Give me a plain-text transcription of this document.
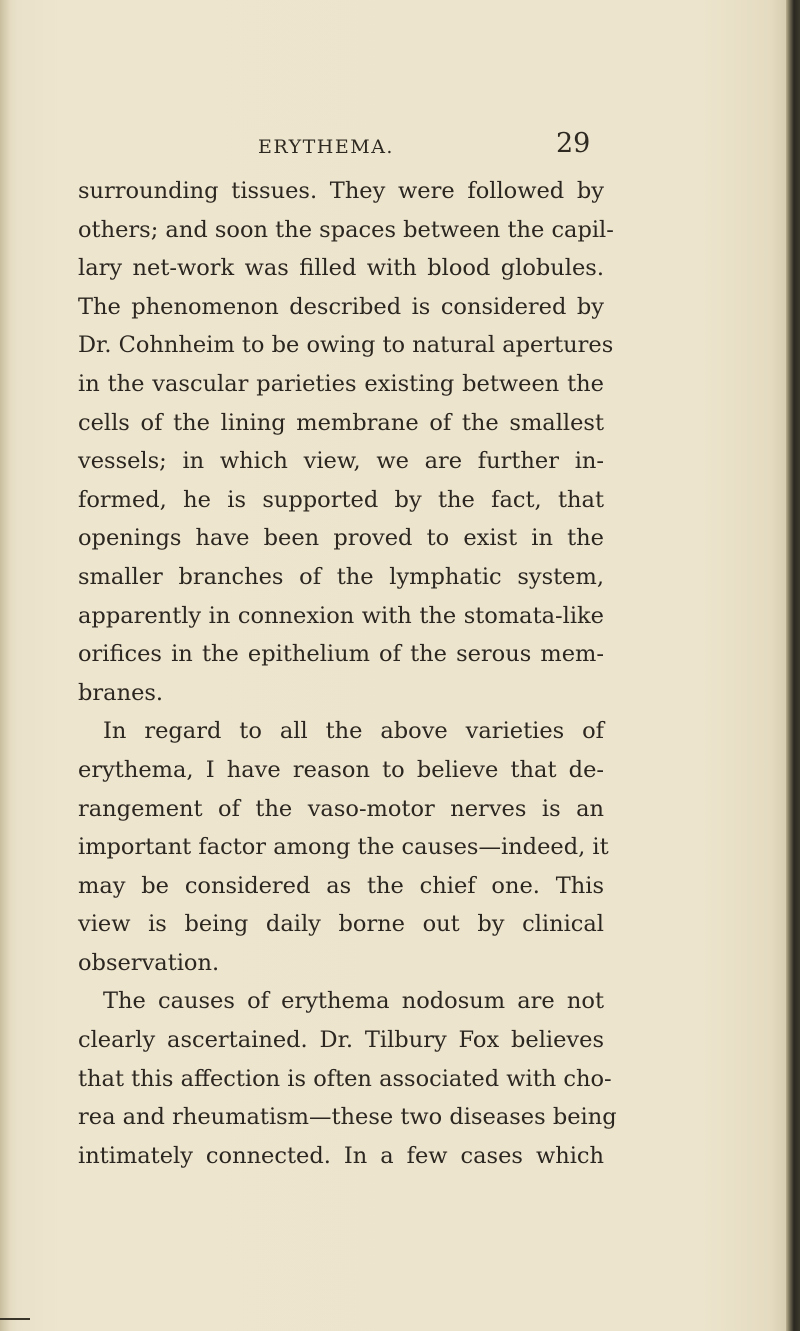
ERYTHEMA.	29
surrounding tissues. They were followed by
others; and soon the spaces between the capil-
lary net-work was filled with blood globules.
The phenomenon described is considered by
Dr. Cohnheim to be owing to natural apertures
in the vascular parieties existing between the
cells of the lining membrane of the smallest
vessels; in which view, we are further in-
formed, he is supported by the fact, that
openings have been proved to exist in the
smaller branches of the lymphatic system,
apparently in connexion with the stomata-like
orifices in the epithelium of the serous mem-
branes.
In regard to all the above varieties of
erythema, I have reason to believe that de-
rangement of the vaso-motor nerves is an
important factor among the causes—indeed, it
may be considered as the chief one. This
view is being daily borne out by clinical
observation.
The causes of erythema nodosum are not
clearly ascertained. Dr. Tilbury Fox believes
that this affection is often associated with cho-
rea and rheumatism—these two diseases being
intimately connected. In a few cases which
